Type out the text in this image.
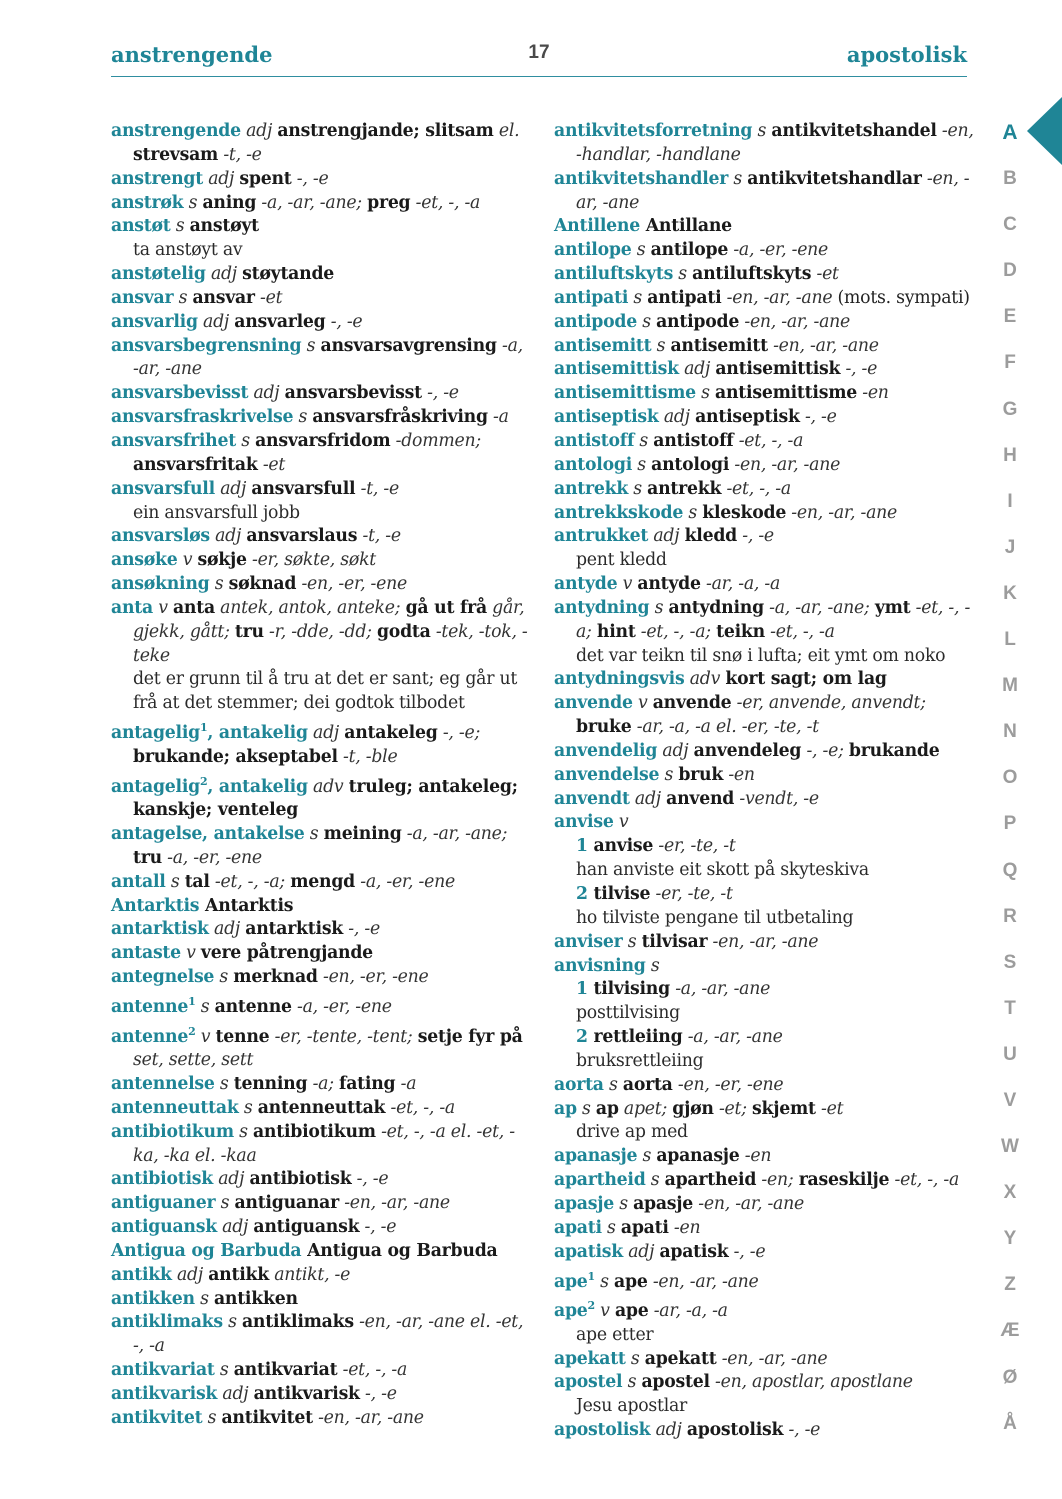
anstrengende	17	apostolisk
anstrengende adj anstrengjande; slitsam el. strevsam -t, -e
anstrengt adj spent -, -e
anstrøk s aning -a, -ar, -ane; preg -et, -, -a
anstøt s anstøyt
ta anstøyt av
anstøtelig adj støytande
ansvar s ansvar -et
ansvarlig adj ansvarleg -, -e
ansvarsbegrensning s ansvarsavgrensing -a, -ar, -ane
ansvarsbevisst adj ansvarsbevisst -, -e
ansvarsfraskrivelse s ansvarsfråskriving -a
ansvarsfrihet s ansvarsfridom -dommen; ansvarsfritak -et
ansvarsfull adj ansvarsfull -t, -e
ein ansvarsfull jobb
ansvarsløs adj ansvarslaus -t, -e
ansøke v søkje -er, søkte, søkt
ansøkning s søknad -en, -er, -ene
anta v anta antek, antok, anteke; gå ut frå går, gjekk, gått; tru -r, -dde, -dd; godta -tek, -tok, -teke
det er grunn til å tru at det er sant; eg går ut frå at det stemmer; dei godtok tilbodet
antagelig$^1$, antakelig adj antakeleg -, -e; brukande; akseptabel -t, -ble
antagelig$^2$, antakelig adv truleg; antakeleg; kanskje; venteleg
antagelse, antakelse s meining -a, -ar, -ane; tru -a, -er, -ene
antall s tal -et, -, -a; mengd -a, -er, -ene
Antarktis Antarktis
antarktisk adj antarktisk -, -e
antaste v vere påtrengjande
antegnelse s merknad -en, -er, -ene
antenne$^1$ s antenne -a, -er, -ene
antenne$^2$ v tenne -er, -tente, -tent; setje fyr på set, sette, sett
antennelse s tenning -a; fating -a
antenneuttak s antenneuttak -et, -, -a
antibiotikum s antibiotikum -et, -, -a el. -et, -ka, -ka el. -kaa
antibiotisk adj antibiotisk -, -e
antiguaner s antiguanar -en, -ar, -ane
antiguansk adj antiguansk -, -e
Antigua og Barbuda Antigua og Barbuda
antikk adj antikk antikt, -e
antikken s antikken
antiklimaks s antiklimaks -en, -ar, -ane el. -et, -, -a
antikvariat s antikvariat -et, -, -a
antikvarisk adj antikvarisk -, -e
antikvitet s antikvitet -en, -ar, -ane
antikvitetsforretning s antikvitetshandel -en, -handlar, -handlane
antikvitetshandler s antikvitetshandlar -en, -ar, -ane
Antillene Antillane
antilope s antilope -a, -er, -ene
antiluftskyts s antiluftskyts -et
antipati s antipati -en, -ar, -ane (mots. sympati)
antipode s antipode -en, -ar, -ane
antisemitt s antisemitt -en, -ar, -ane
antisemittisk adj antisemittisk -, -e
antisemittisme s antisemittisme -en
antiseptisk adj antiseptisk -, -e
antistoff s antistoff -et, -, -a
antologi s antologi -en, -ar, -ane
antrekk s antrekk -et, -, -a
antrekkskode s kleskode -en, -ar, -ane
antrukket adj kledd -, -e
pent kledd
antyde v antyde -ar, -a, -a
antydning s antydning -a, -ar, -ane; ymt -et, -, -a; hint -et, -, -a; teikn -et, -, -a
det var teikn til snø i lufta; eit ymt om noko
antydningsvis adv kort sagt; om lag
anvende v anvende -er, anvende, anvendt; bruke -ar, -a, -a el. -er, -te, -t
anvendelig adj anvendeleg -, -e; brukande
anvendelse s bruk -en
anvendt adj anvend -vendt, -e
anvise v
1 anvise -er, -te, -t
han anviste eit skott på skyteskiva
2 tilvise -er, -te, -t
ho tilviste pengane til utbetaling
anviser s tilvisar -en, -ar, -ane
anvisning s
1 tilvising -a, -ar, -ane
posttilvising
2 rettleiing -a, -ar, -ane
bruksrettleiing
aorta s aorta -en, -er, -ene
ap s ap apet; gjøn -et; skjemt -et
drive ap med
apanasje s apanasje -en
apartheid s apartheid -en; raseskilje -et, -, -a
apasje s apasje -en, -ar, -ane
apati s apati -en
apatisk adj apatisk -, -e
ape$^1$ s ape -en, -ar, -ane
ape$^2$ v ape -ar, -a, -a
ape etter
apekatt s apekatt -en, -ar, -ane
apostel s apostel -en, apostlar, apostlane
Jesu apostlar
apostolisk adj apostolisk -, -e
A
B
C
D
E
F
G
H
I
J
K
L
M
N
O
P
Q
R
S
T
U
V
W
X
Y
Z
Æ
Ø
Å
